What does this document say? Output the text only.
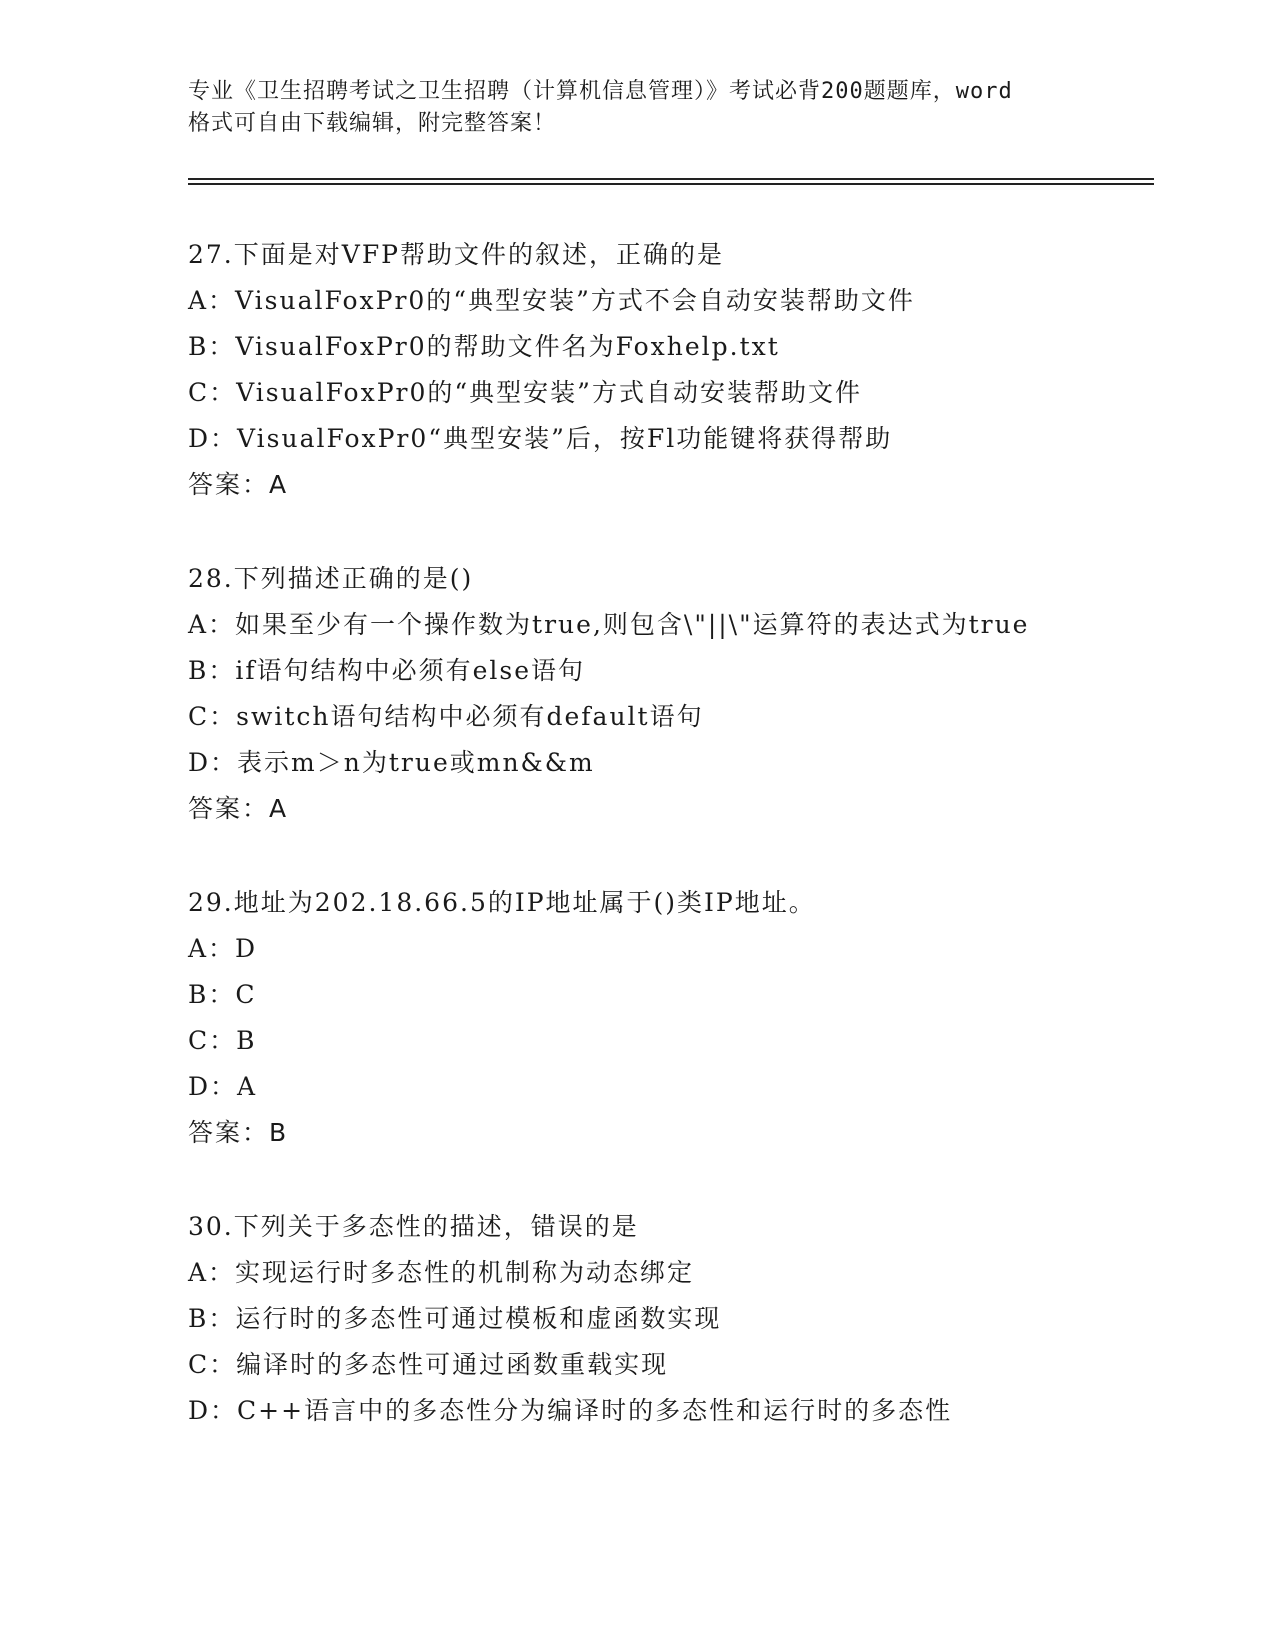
专业《卫生招聘考试之卫生招聘（计算机信息管理）》考试必背200题题库，word
格式可自由下载编辑，附完整答案！
27.下面是对VFP帮助文件的叙述，正确的是
A：VisualFoxPr0的“典型安装”方式不会自动安装帮助文件
B：VisualFoxPr0的帮助文件名为Foxhelp.txt
C：VisualFoxPr0的“典型安装”方式自动安装帮助文件
D：VisualFoxPr0“典型安装”后，按Fl功能键将获得帮助
答案：A
28.下列描述正确的是()
A：如果至少有一个操作数为true,则包含\"||\"运算符的表达式为true
B：if语句结构中必须有else语句
C：switch语句结构中必须有default语句
D：表示m＞n为true或mn&&m
答案：A
29.地址为202.18.66.5的IP地址属于()类IP地址。
A：D
B：C
C：B
D：A
答案：B
30.下列关于多态性的描述，错误的是
A：实现运行时多态性的机制称为动态绑定
B：运行时的多态性可通过模板和虚函数实现
C：编译时的多态性可通过函数重载实现
D：C++语言中的多态性分为编译时的多态性和运行时的多态性
